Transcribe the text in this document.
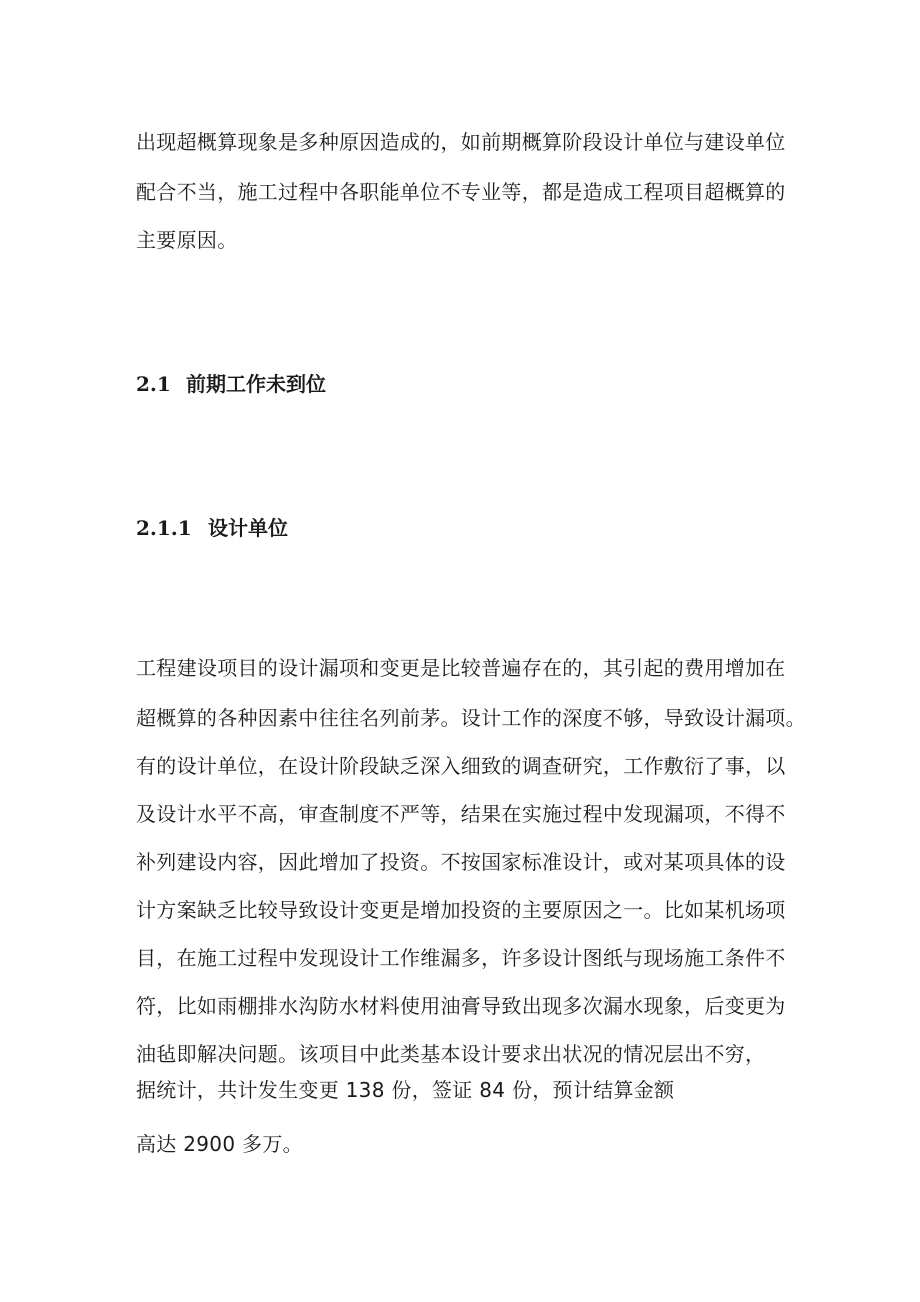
出现超概算现象是多种原因造成的，如前期概算阶段设计单位与建设单位
配合不当，施工过程中各职能单位不专业等，都是造成工程项目超概算的
主要原因。
2.1 前期工作未到位
2.1.1 设计单位
工程建设项目的设计漏项和变更是比较普遍存在的，其引起的费用增加在
超概算的各种因素中往往名列前茅。设计工作的深度不够，导致设计漏项。
有的设计单位，在设计阶段缺乏深入细致的调查研究，工作敷衍了事，以
及设计水平不高，审查制度不严等，结果在实施过程中发现漏项，不得不
补列建设内容，因此增加了投资。不按国家标准设计，或对某项具体的设
计方案缺乏比较导致设计变更是增加投资的主要原因之一。比如某机场项
目，在施工过程中发现设计工作维漏多，许多设计图纸与现场施工条件不
符，比如雨棚排水沟防水材料使用油膏导致出现多次漏水现象，后变更为
油毡即解决问题。该项目中此类基本设计要求出状况的情况层出不穷，
据统计，共计发生变更 138 份，签证 84 份，预计结算金额
高达 2900 多万。
